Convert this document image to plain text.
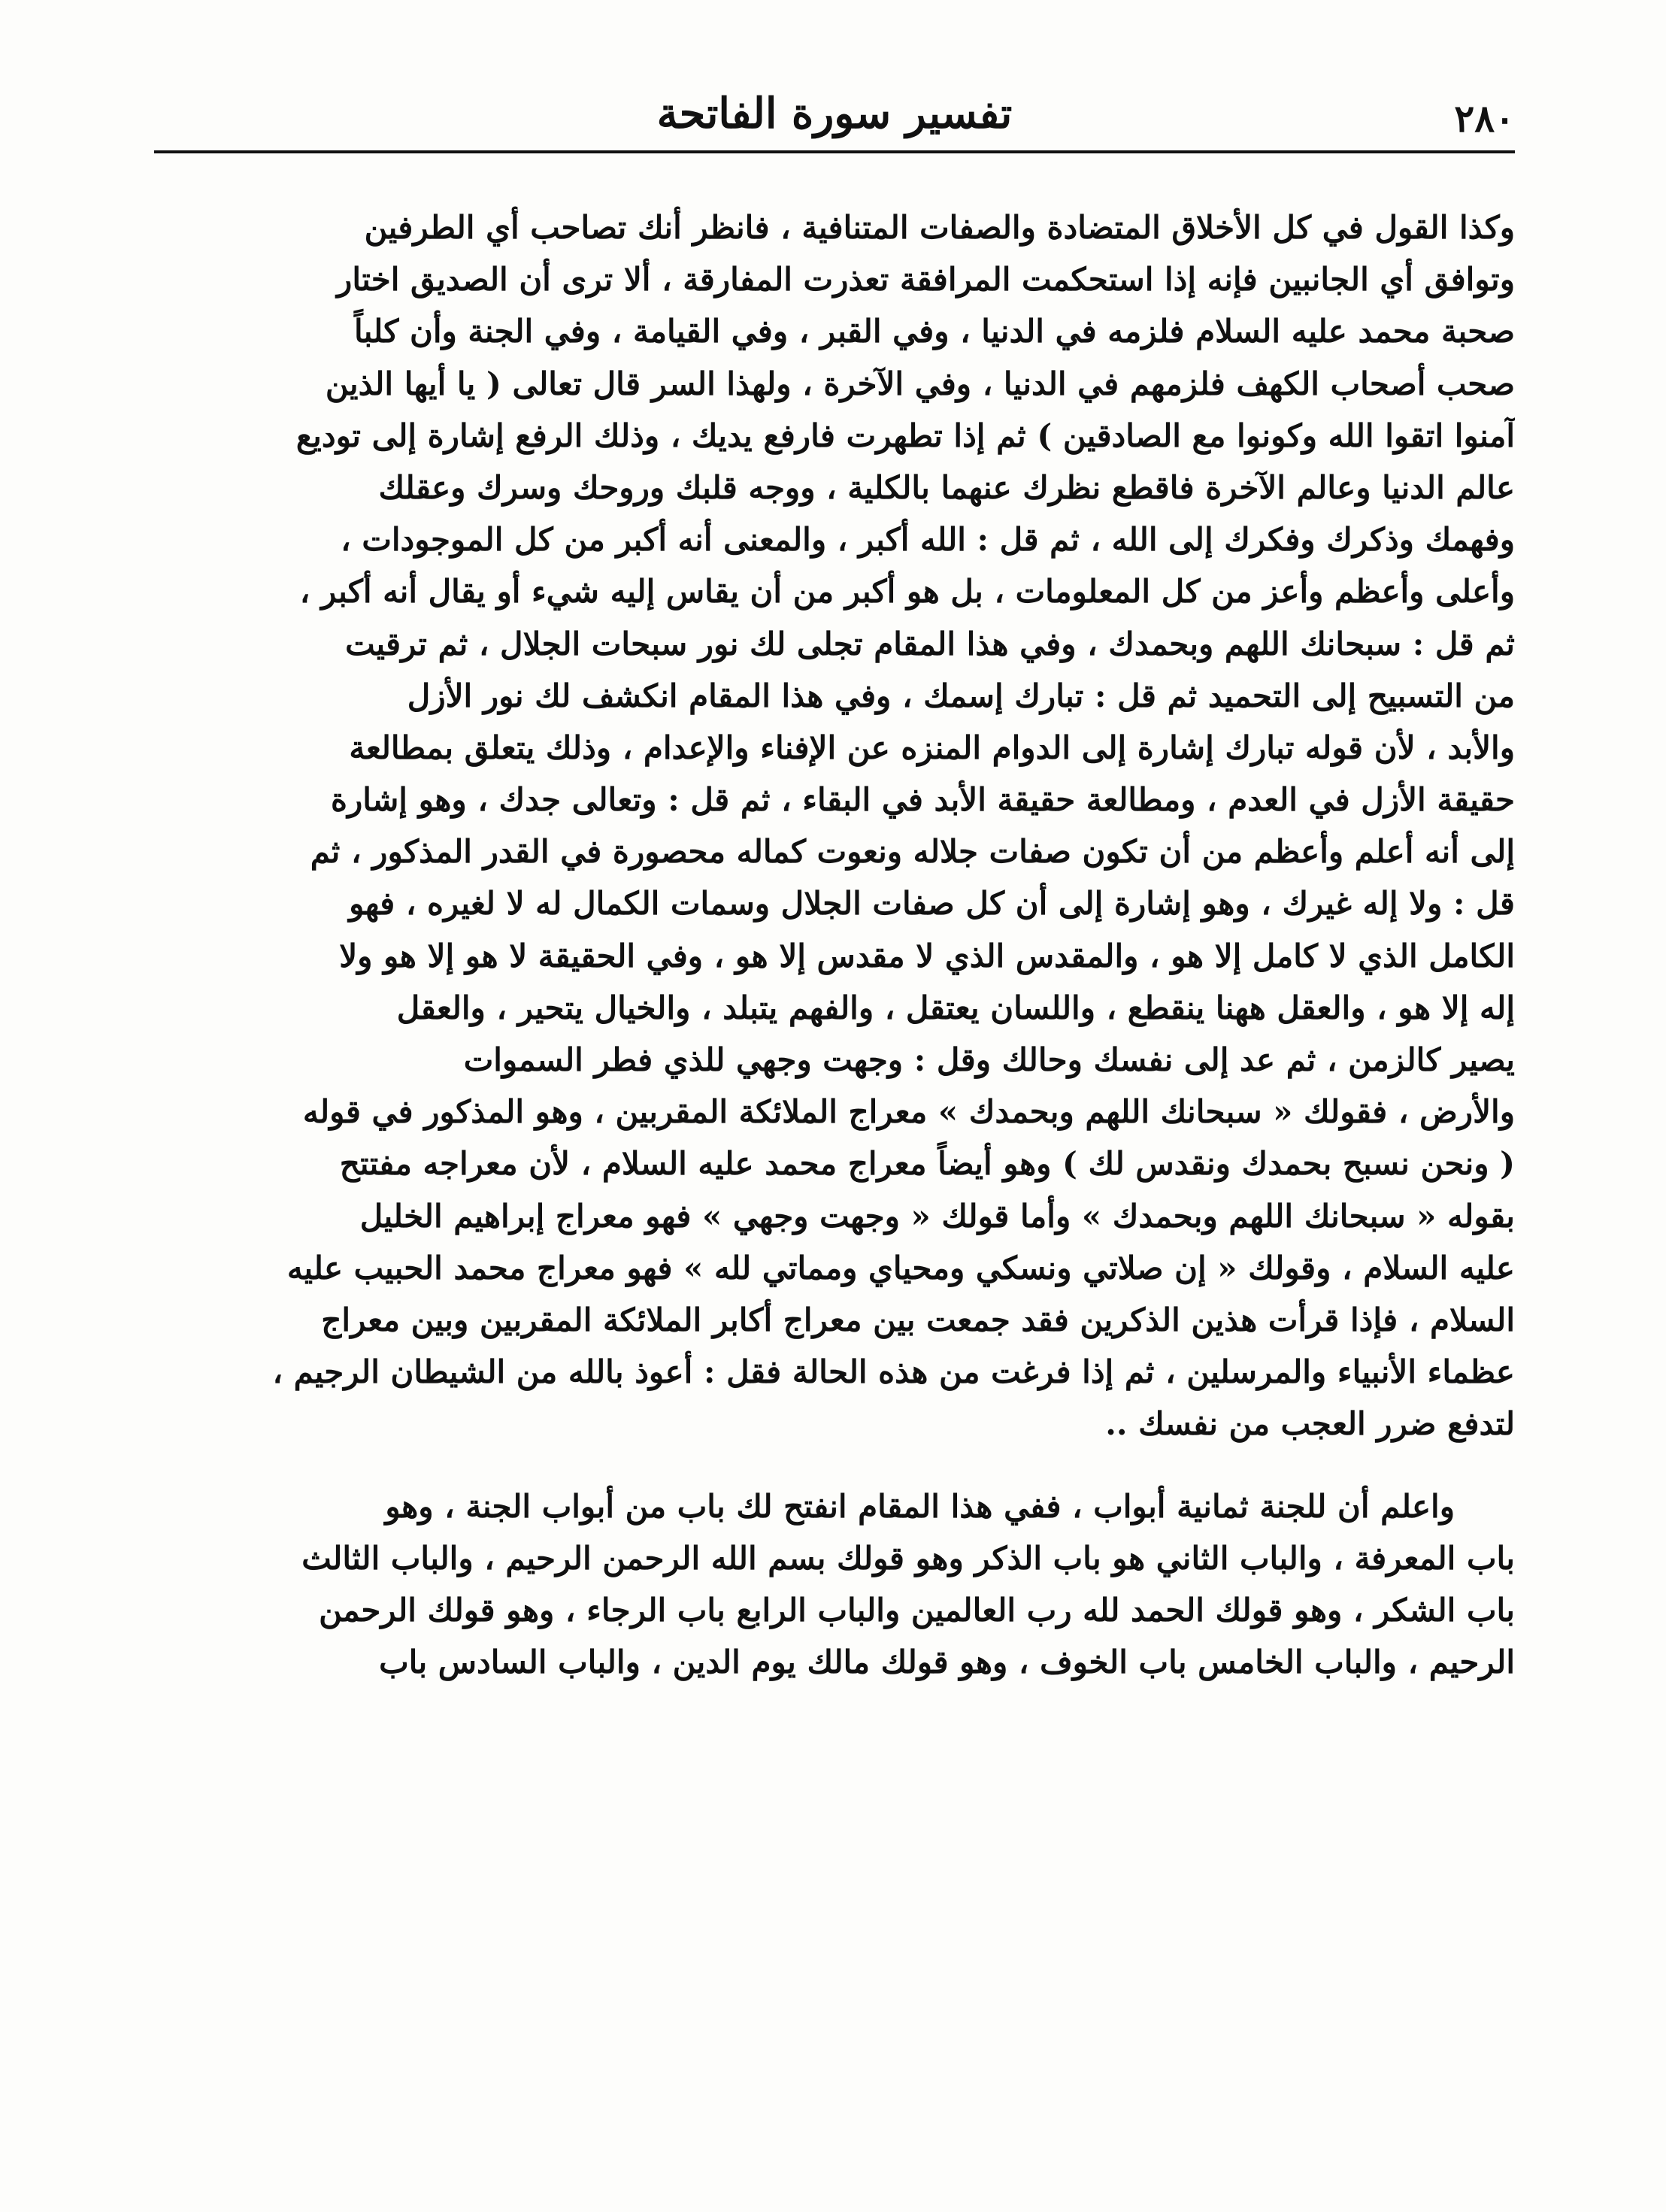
٢٨٠
تفسير سورة الفاتحة
وكذا القول في كل الأخلاق المتضادة والصفات المتنافية ، فانظر أنك تصاحب أي الطرفين
وتوافق أي الجانبين فإنه إذا استحكمت المرافقة تعذرت المفارقة ، ألا ترى أن الصديق اختار
صحبة محمد عليه السلام فلزمه في الدنيا ، وفي القبر ، وفي القيامة ، وفي الجنة وأن كلباً
صحب أصحاب الكهف فلزمهم في الدنيا ، وفي الآخرة ، ولهذا السر قال تعالى ( يا أيها الذين
آمنوا اتقوا الله وكونوا مع الصادقين ) ثم إذا تطهرت فارفع يديك ، وذلك الرفع إشارة إلى توديع
عالم الدنيا وعالم الآخرة فاقطع نظرك عنهما بالكلية ، ووجه قلبك وروحك وسرك وعقلك
وفهمك وذكرك وفكرك إلى الله ، ثم قل : الله أكبر ، والمعنى أنه أكبر من كل الموجودات ،
وأعلى وأعظم وأعز من كل المعلومات ، بل هو أكبر من أن يقاس إليه شيء أو يقال أنه أكبر ،
ثم قل : سبحانك اللهم وبحمدك ، وفي هذا المقام تجلى لك نور سبحات الجلال ، ثم ترقيت
من التسبيح إلى التحميد ثم قل : تبارك إسمك ، وفي هذا المقام انكشف لك نور الأزل
والأبد ، لأن قوله تبارك إشارة إلى الدوام المنزه عن الإفناء والإعدام ، وذلك يتعلق بمطالعة
حقيقة الأزل في العدم ، ومطالعة حقيقة الأبد في البقاء ، ثم قل : وتعالى جدك ، وهو إشارة
إلى أنه أعلم وأعظم من أن تكون صفات جلاله ونعوت كماله محصورة في القدر المذكور ، ثم
قل : ولا إله غيرك ، وهو إشارة إلى أن كل صفات الجلال وسمات الكمال له لا لغيره ، فهو
الكامل الذي لا كامل إلا هو ، والمقدس الذي لا مقدس إلا هو ، وفي الحقيقة لا هو إلا هو ولا
إله إلا هو ، والعقل ههنا ينقطع ، واللسان يعتقل ، والفهم يتبلد ، والخيال يتحير ، والعقل
يصير كالزمن ، ثم عد إلى نفسك وحالك وقل : وجهت وجهي للذي فطر السموات
والأرض ، فقولك « سبحانك اللهم وبحمدك » معراج الملائكة المقربين ، وهو المذكور في قوله
( ونحن نسبح بحمدك ونقدس لك ) وهو أيضاً معراج محمد عليه السلام ، لأن معراجه مفتتح
بقوله « سبحانك اللهم وبحمدك » وأما قولك « وجهت وجهي » فهو معراج إبراهيم الخليل
عليه السلام ، وقولك « إن صلاتي ونسكي ومحياي ومماتي لله » فهو معراج محمد الحبيب عليه
السلام ، فإذا قرأت هذين الذكرين فقد جمعت بين معراج أكابر الملائكة المقربين وبين معراج
عظماء الأنبياء والمرسلين ، ثم إذا فرغت من هذه الحالة فقل : أعوذ بالله من الشيطان الرجيم ،
لتدفع ضرر العجب من نفسك ..
واعلم أن للجنة ثمانية أبواب ، ففي هذا المقام انفتح لك باب من أبواب الجنة ، وهو
باب المعرفة ، والباب الثاني هو باب الذكر وهو قولك بسم الله الرحمن الرحيم ، والباب الثالث
باب الشكر ، وهو قولك الحمد لله رب العالمين والباب الرابع باب الرجاء ، وهو قولك الرحمن
الرحيم ، والباب الخامس باب الخوف ، وهو قولك مالك يوم الدين ، والباب السادس باب
